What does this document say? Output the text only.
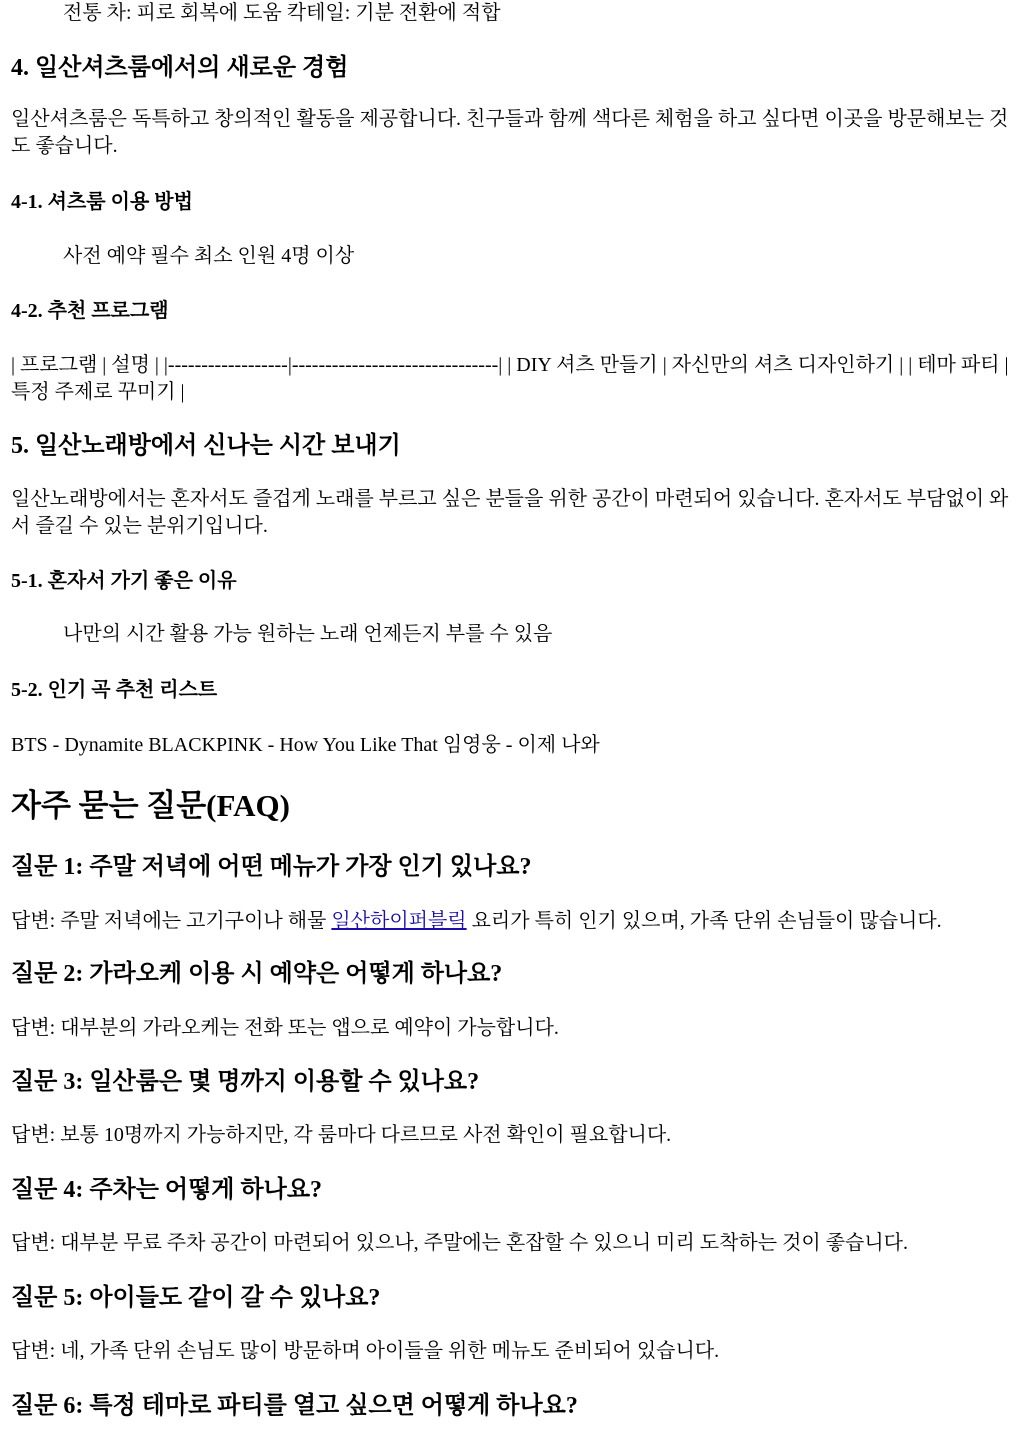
전통 차: 피로 회복에 도움 칵테일: 기분 전환에 적합

4. 일산셔츠룸에서의 새로운 경험

일산셔츠룸은 독특하고 창의적인 활동을 제공합니다. 친구들과 함께 색다른 체험을 하고 싶다면 이곳을 방문해보는 것도 좋습니다.

4-1. 셔츠룸 이용 방법

사전 예약 필수 최소 인원 4명 이상

4-2. 추천 프로그램

| 프로그램 | 설명 | |------------------|-------------------------------| | DIY 셔츠 만들기 | 자신만의 셔츠 디자인하기 | | 테마 파티 | 특정 주제로 꾸미기 |

5. 일산노래방에서 신나는 시간 보내기

일산노래방에서는 혼자서도 즐겁게 노래를 부르고 싶은 분들을 위한 공간이 마련되어 있습니다. 혼자서도 부담없이 와서 즐길 수 있는 분위기입니다.

5-1. 혼자서 가기 좋은 이유

나만의 시간 활용 가능 원하는 노래 언제든지 부를 수 있음

5-2. 인기 곡 추천 리스트

BTS - Dynamite BLACKPINK - How You Like That 임영웅 - 이제 나와

자주 묻는 질문(FAQ)
질문 1: 주말 저녁에 어떤 메뉴가 가장 인기 있나요?

답변: 주말 저녁에는 고기구이나 해물 일산하이퍼블릭 요리가 특히 인기 있으며, 가족 단위 손님들이 많습니다.

질문 2: 가라오케 이용 시 예약은 어떻게 하나요?

답변: 대부분의 가라오케는 전화 또는 앱으로 예약이 가능합니다.

질문 3: 일산룸은 몇 명까지 이용할 수 있나요?

답변: 보통 10명까지 가능하지만, 각 룸마다 다르므로 사전 확인이 필요합니다.

질문 4: 주차는 어떻게 하나요?

답변: 대부분 무료 주차 공간이 마련되어 있으나, 주말에는 혼잡할 수 있으니 미리 도착하는 것이 좋습니다.

질문 5: 아이들도 같이 갈 수 있나요?

답변: 네, 가족 단위 손님도 많이 방문하며 아이들을 위한 메뉴도 준비되어 있습니다.

질문 6: 특정 테마로 파티를 열고 싶으면 어떻게 하나요?
